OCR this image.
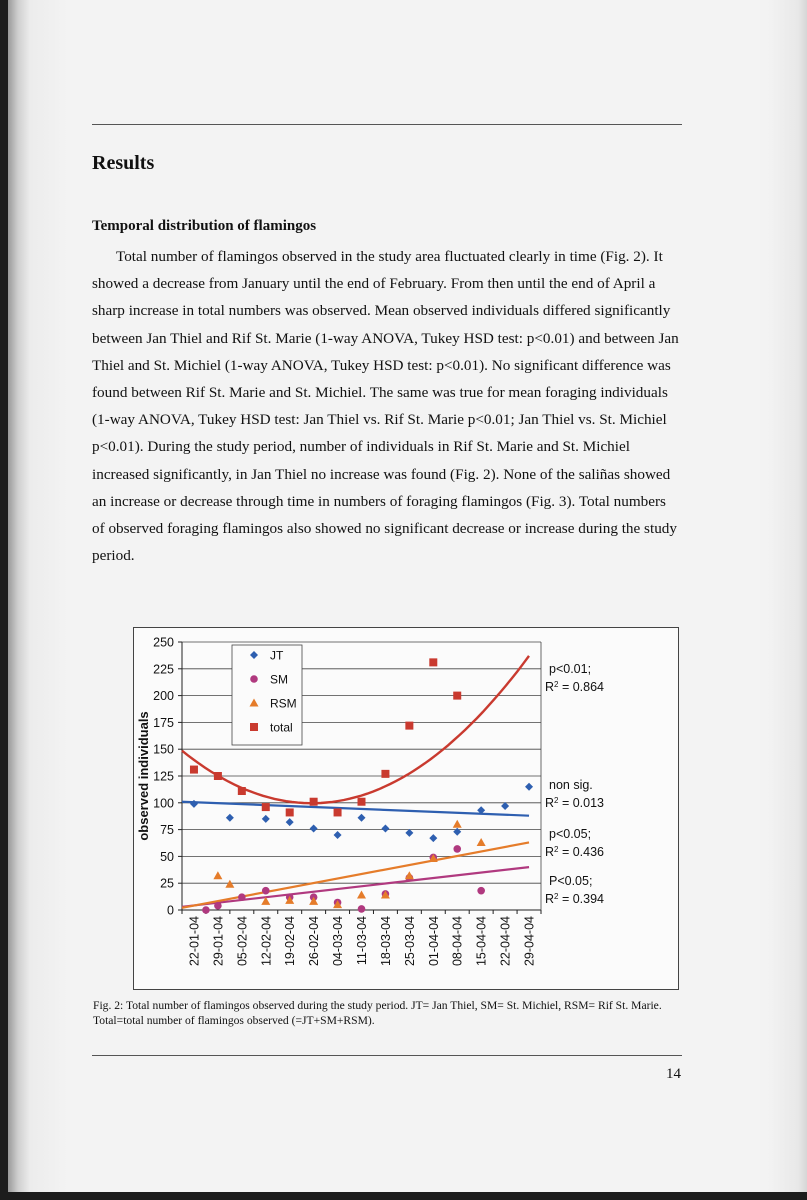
Results
Temporal distribution of flamingos

Total number of flamingos observed in the study area fluctuated clearly in time (Fig. 2). It showed a decrease from January until the end of February. From then until the end of April a sharp increase in total numbers was observed. Mean observed individuals differed significantly between Jan Thiel and Rif St. Marie (1-way ANOVA, Tukey HSD test: p<0.01) and between Jan Thiel and St. Michiel (1-way ANOVA, Tukey HSD test: p<0.01). No significant difference was found between Rif St. Marie and St. Michiel. The same was true for mean foraging individuals (1-way ANOVA, Tukey HSD test: Jan Thiel vs. Rif St. Marie p<0.01; Jan Thiel vs. St. Michiel p<0.01). During the study period, number of individuals in Rif St. Marie and St. Michiel increased significantly, in Jan Thiel no increase was found (Fig. 2). None of the saliñas showed an increase or decrease through time in numbers of foraging flamingos (Fig. 3). Total numbers of observed foraging flamingos also showed no significant decrease or increase during the study period.

0
25
50
75
100
125
150
175
200
225
250
observed individuals
22-01-04 29-01-04 05-02-04 12-02-04 19-02-04 26-02-04 04-03-04 11-03-04 18-03-04 25-03-04 01-04-04 08-04-04 15-04-04 22-04-04 29-04-04
JT
SM
RSM
total
non sig.
$R^2 = 0.013$
P<0.05;
$R^2 = 0.394$
p<0.05;
$R^2 = 0.436$
p<0.01;
$R^2 = 0.864$

Fig. 2: Total number of flamingos observed during the study period. JT= Jan Thiel, SM= St. Michiel, RSM= Rif St. Marie. Total=total number of flamingos observed (=JT+SM+RSM).

14
